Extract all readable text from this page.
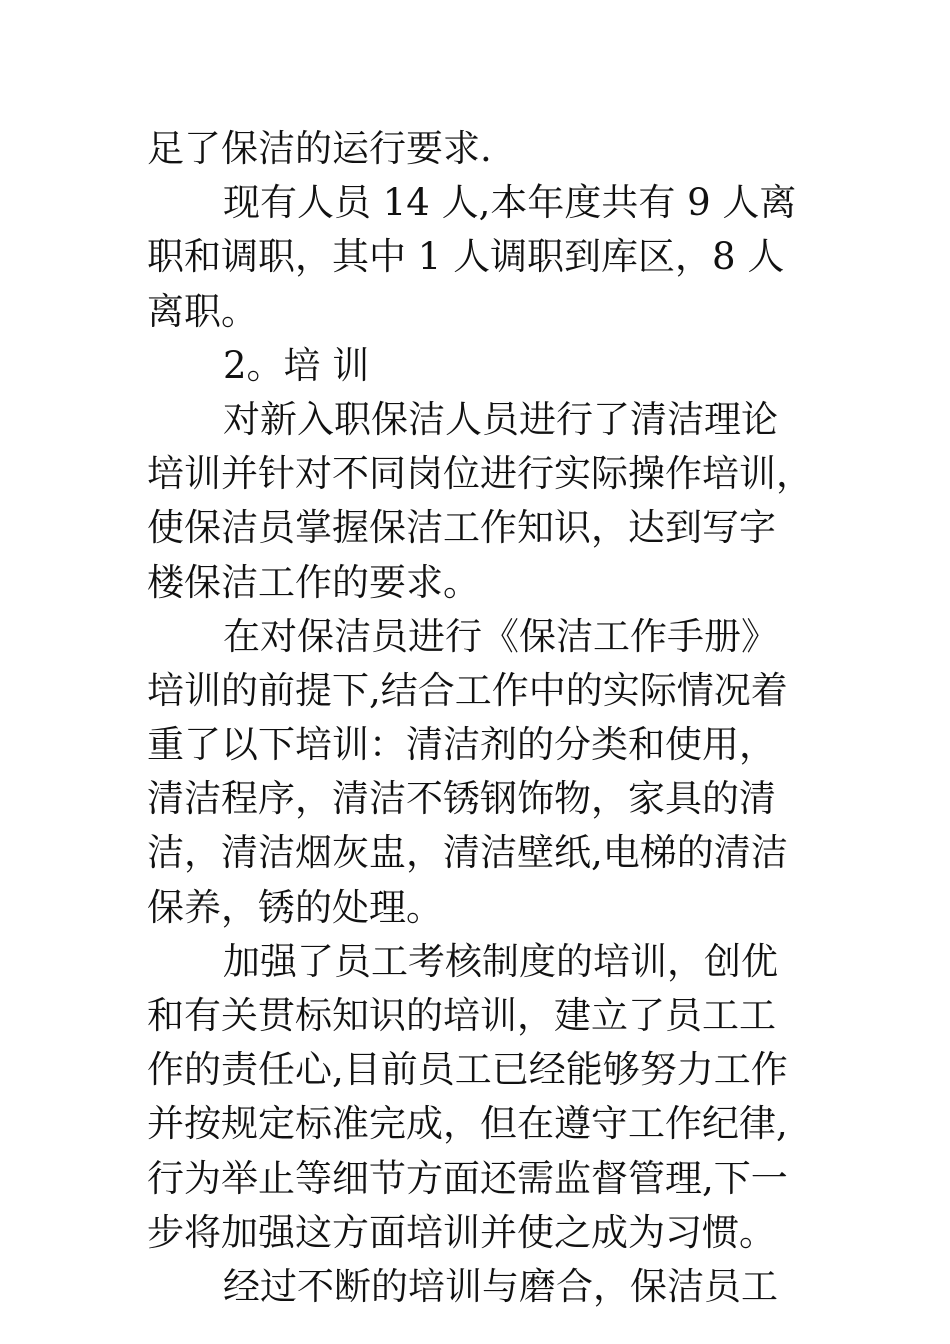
足了保洁的运行要求.
现有人员 14 人,本年度共有 9 人离
职和调职，其中 1 人调职到库区，8 人
离职。
2。培 训
对新入职保洁人员进行了清洁理论
培训并针对不同岗位进行实际操作培训，
使保洁员掌握保洁工作知识，达到写字
楼保洁工作的要求。
在对保洁员进行《保洁工作手册》
培训的前提下,结合工作中的实际情况着
重了以下培训：清洁剂的分类和使用，
清洁程序，清洁不锈钢饰物，家具的清
洁，清洁烟灰盅，清洁壁纸,电梯的清洁
保养，锈的处理。
加强了员工考核制度的培训，创优
和有关贯标知识的培训，建立了员工工
作的责任心,目前员工已经能够努力工作
并按规定标准完成，但在遵守工作纪律,
行为举止等细节方面还需监督管理,下一
步将加强这方面培训并使之成为习惯。
经过不断的培训与磨合，保洁员工
